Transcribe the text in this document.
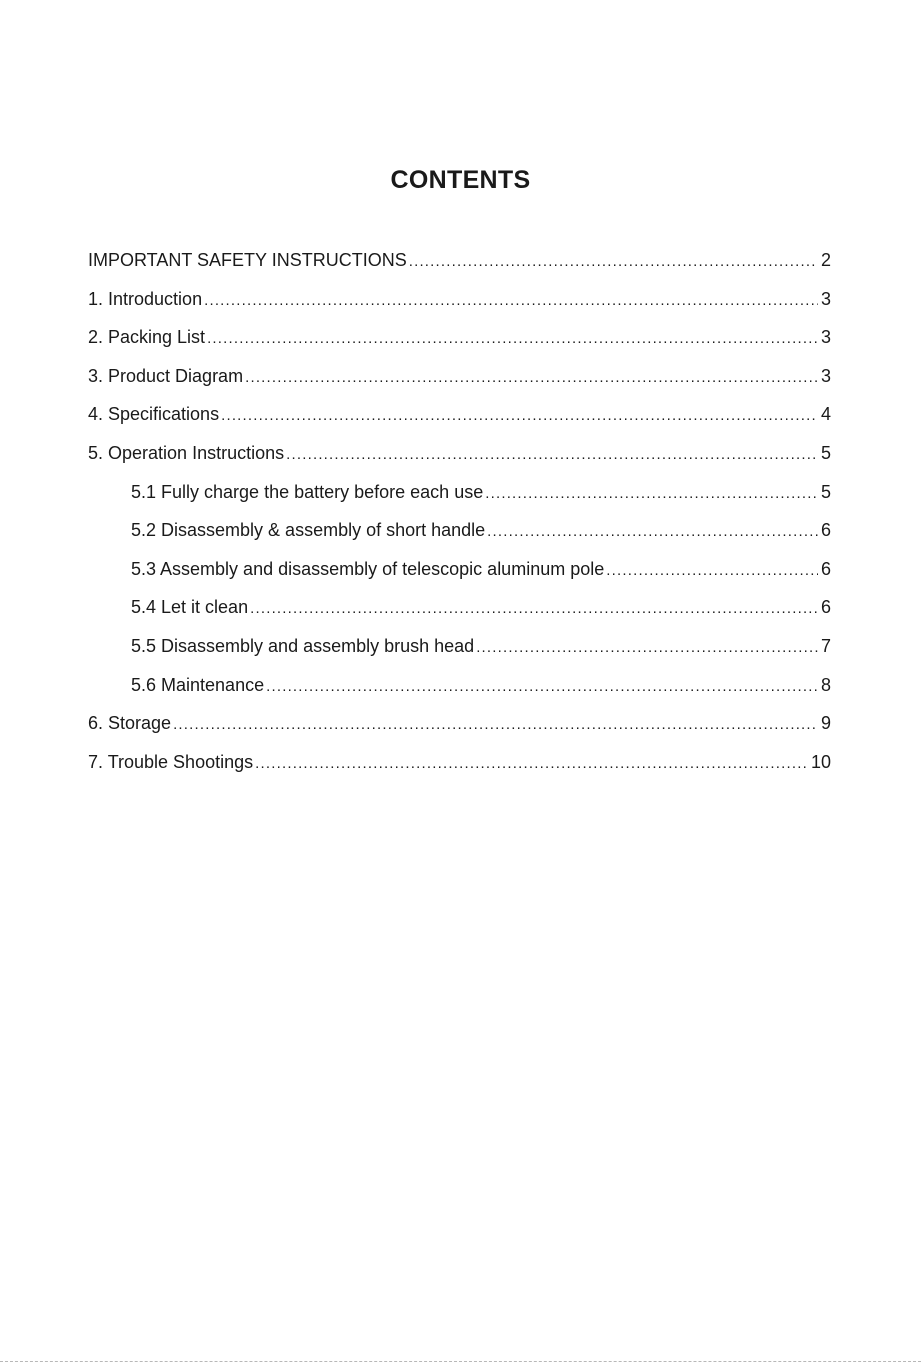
CONTENTS
IMPORTANT SAFETY INSTRUCTIONS .....	2
1. Introduction .....	3
2. Packing List .....	3
3. Product Diagram .....	3
4. Specifications .....	4
5. Operation Instructions .....	5
5.1 Fully charge the battery before each use .....	5
5.2 Disassembly & assembly of short handle .....	6
5.3 Assembly and disassembly of telescopic aluminum pole .....	6
5.4 Let it clean .....	6
5.5 Disassembly and assembly brush head .....	7
5.6 Maintenance .....	8
6. Storage .....	9
7. Trouble Shootings .....	10
